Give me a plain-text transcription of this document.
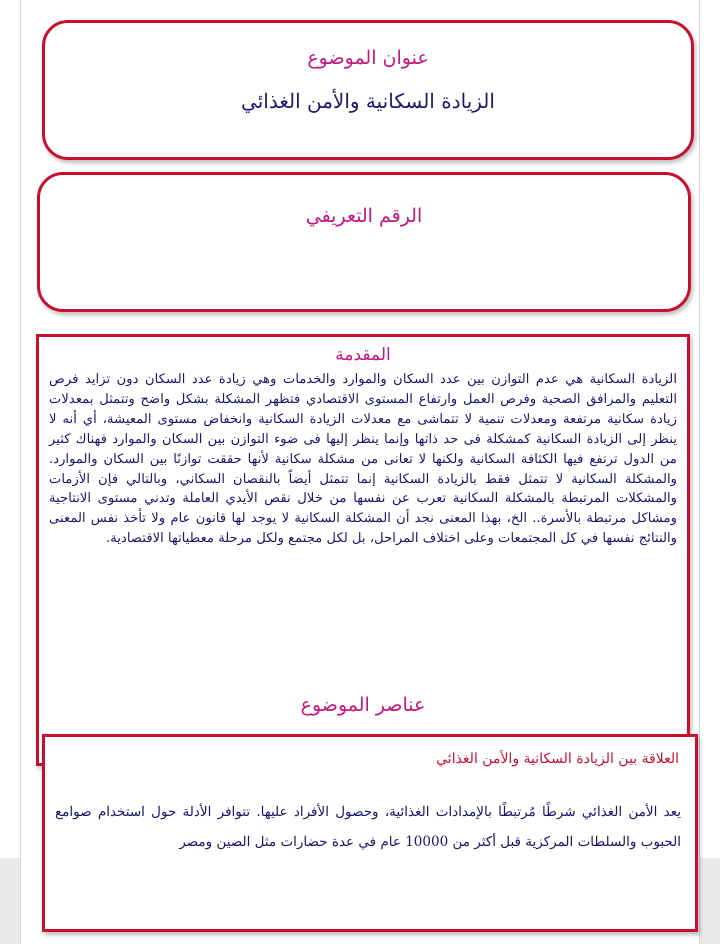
عنوان الموضوع
الزيادة السكانية والأمن الغذائي
الرقم التعريفي
المقدمة
الزيادة السكانية هي عدم التوازن بين عدد السكان والموارد والخدمات وهي زيادة عدد السكان دون تزايد فرص التعليم والمرافق الصحية وفرص العمل وارتفاع المستوى الاقتصادي فتظهر المشكلة بشكل واضح وتتمثل بمعدلات زيادة سكانية مرتفعة ومعدلات تنمية لا تتماشى مع معدلات الزيادة السكانية وانخفاض مستوى المعيشة، أي أنه لا ينظر إلى الزيادة السكانية كمشكلة فى حد ذاتها وإنما ينظر إليها فى ضوء التوازن بين السكان والموارد فهناك كثير من الدول ترتفع فيها الكثافة السكانية ولكنها لا تعانى من مشكلة سكانية لأنها حققت توازنًا بين السكان والموارد. والمشكلة السكانية لا تتمثل فقط بالزيادة السكانية إنما تتمثل أيضاً بالنقصان السكاني، وبالتالي فإن الأزمات والمشكلات المرتبطة بالمشكلة السكانية تعرب عن نفسها من خلال نقص الأيدي العاملة وتدني مستوى الانتاجية ومشاكل مرتبطة بالأسرة.. الخ، بهذا المعنى نجد أن المشكلة السكانية لا يوجد لها قانون عام ولا تأخذ نفس المعنى والنتائج نفسها في كل المجتمعات وعلى اختلاف المراحل، بل لكل مجتمع ولكل مرحلة معطياتها الاقتصادية.
عناصر الموضوع
العلاقة بين الزيادة السكانية والأمن الغذائي
يعد الأمن الغذائي شرطًا مُرتبطًا بالإمدادات الغذائية، وحصول الأفراد عليها. تتوافر الأدلة حول استخدام صوامع الحبوب والسلطات المركزية قبل أكثر من 10000 عام في عدة حضارات مثل الصين ومصر
